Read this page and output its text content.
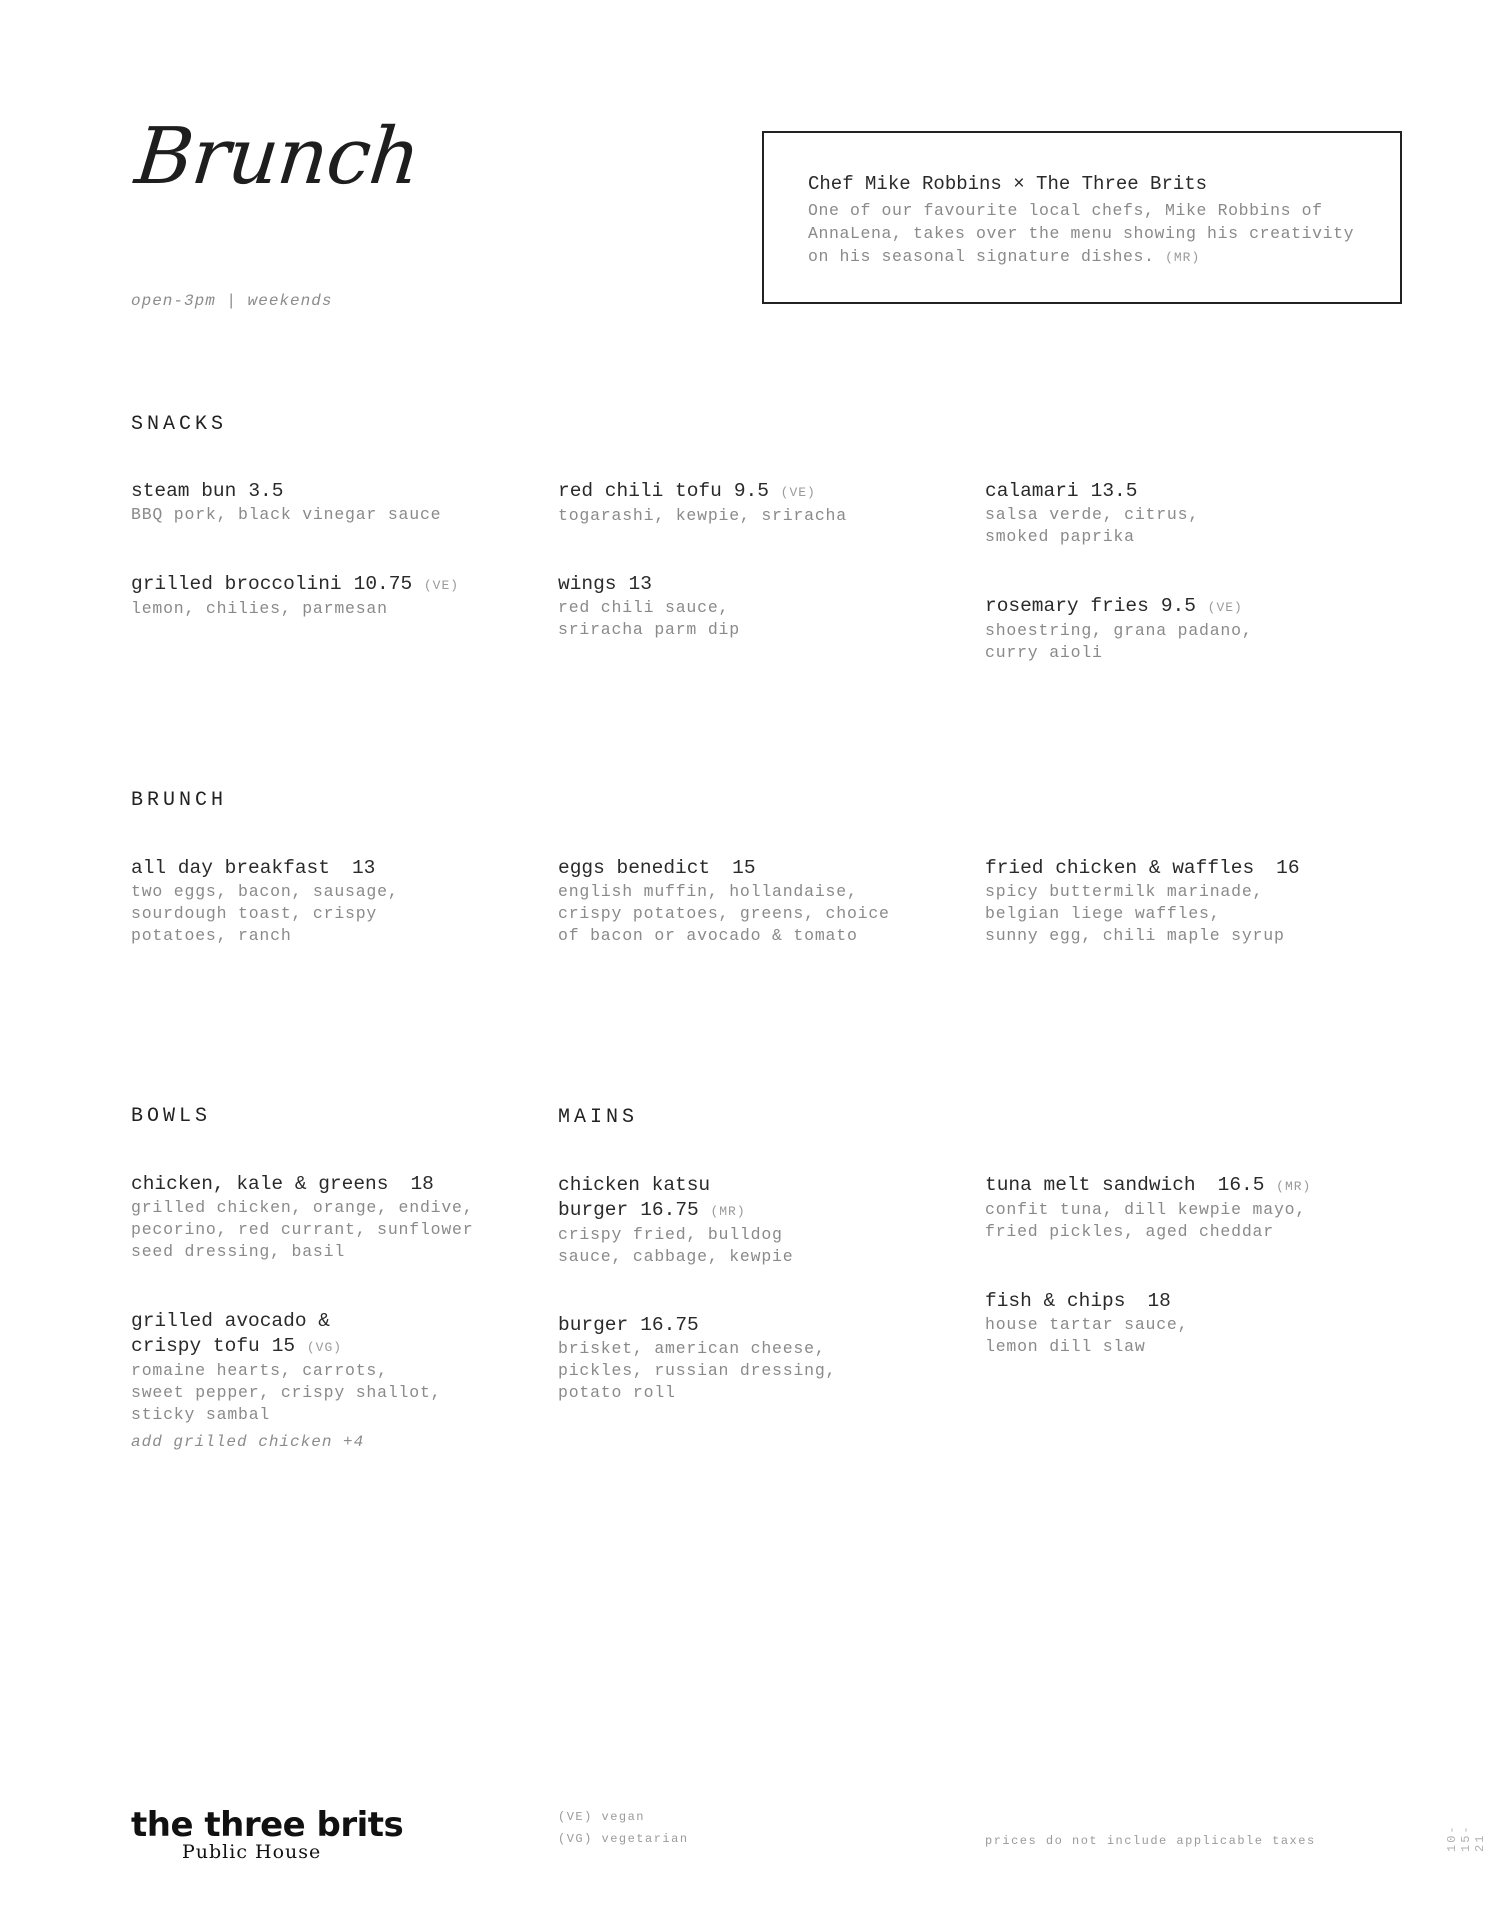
Brunch
open-3pm | weekends
Chef Mike Robbins × The Three Brits
One of our favourite local chefs, Mike Robbins of AnnaLena, takes over the menu showing his creativity on his seasonal signature dishes. (MR)
SNACKS
steam bun 3.5
BBQ pork, black vinegar sauce
grilled broccolini 10.75 (VE)
lemon, chilies, parmesan
red chili tofu 9.5 (VE)
togarashi, kewpie, sriracha
wings 13
red chili sauce,
sriracha parm dip
calamari 13.5
salsa verde, citrus,
smoked paprika
rosemary fries 9.5 (VE)
shoestring, grana padano,
curry aioli
BRUNCH
all day breakfast 13
two eggs, bacon, sausage,
sourdough toast, crispy
potatoes, ranch
eggs benedict 15
english muffin, hollandaise,
crispy potatoes, greens, choice
of bacon or avocado & tomato
fried chicken & waffles 16
spicy buttermilk marinade,
belgian liege waffles,
sunny egg, chili maple syrup
BOWLS
chicken, kale & greens 18
grilled chicken, orange, endive,
pecorino, red currant, sunflower
seed dressing, basil
grilled avocado &
crispy tofu 15 (VG)
romaine hearts, carrots,
sweet pepper, crispy shallot,
sticky sambal
add grilled chicken +4
MAINS
chicken katsu
burger 16.75 (MR)
crispy fried, bulldog
sauce, cabbage, kewpie
burger 16.75
brisket, american cheese,
pickles, russian dressing,
potato roll
tuna melt sandwich 16.5 (MR)
confit tuna, dill kewpie mayo,
fried pickles, aged cheddar
fish & chips 18
house tartar sauce,
lemon dill slaw
the three brits
Public House
(VE) vegan
(VG) vegetarian	prices do not include applicable taxes	10-15-21
